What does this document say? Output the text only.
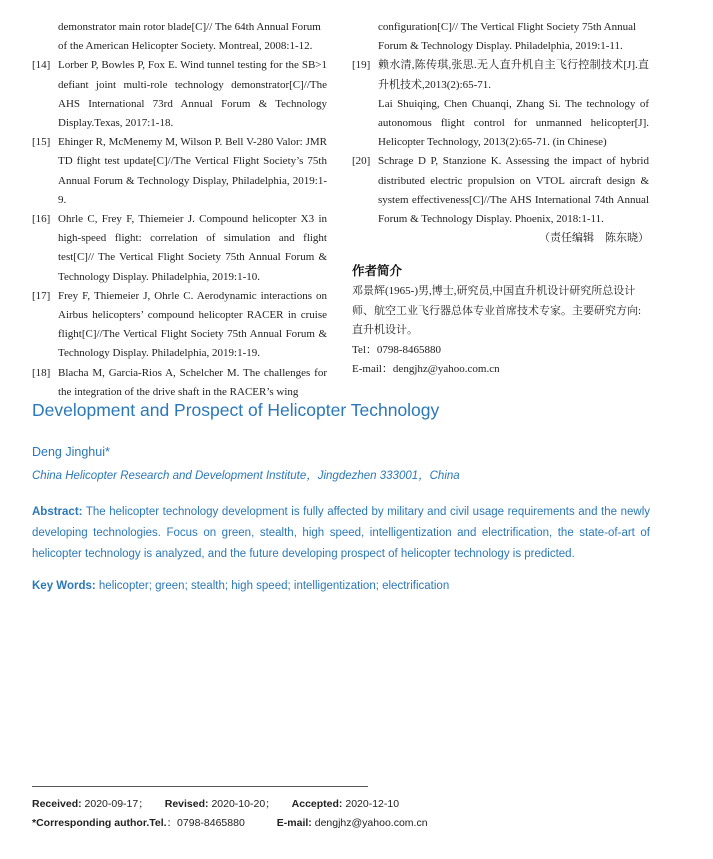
demonstrator main rotor blade[C]// The 64th Annual Forum of the American Helicopter Society. Montreal, 2008:1-12.
[14] Lorber P, Bowles P, Fox E. Wind tunnel testing for the SB>1 defiant joint multi-role technology demonstrator[C]//The AHS International 73rd Annual Forum & Technology Display.Texas, 2017:1-18.
[15] Ehinger R, McMenemy M, Wilson P. Bell V-280 Valor: JMR TD flight test update[C]//The Vertical Flight Society’s 75th Annual Forum & Technology Display, Philadelphia, 2019:1-9.
[16] Ohrle C, Frey F, Thiemeier J. Compound helicopter X3 in high-speed flight: correlation of simulation and flight test[C]// The Vertical Flight Society 75th Annual Forum & Technology Display. Philadelphia, 2019:1-10.
[17] Frey F, Thiemeier J, Ohrle C. Aerodynamic interactions on Airbus helicopters’ compound helicopter RACER in cruise flight[C]//The Vertical Flight Society 75th Annual Forum & Technology Display. Philadelphia, 2019:1-19.
[18] Blacha M, Garcia-Rios A, Schelcher M. The challenges for the integration of the drive shaft in the RACER’s wing
configuration[C]// The Vertical Flight Society 75th Annual Forum & Technology Display. Philadelphia, 2019:1-11.
[19] 赖水清,陈传琪,张思.无人直升机自主飞行控制技术[J].直升机技术,2013(2):65-71.
Lai Shuiqing, Chen Chuanqi, Zhang Si. The technology of autonomous flight control for unmanned helicopter[J]. Helicopter Technology, 2013(2):65-71. (in Chinese)
[20] Schrage D P, Stanzione K. Assessing the impact of hybrid distributed electric propulsion on VTOL aircraft design & system effectiveness[C]//The AHS International 74th Annual Forum & Technology Display. Phoenix, 2018:1-11.
（责任编辑　陈东晓）
作者简介
邓景辉(1965-)男,博士,研究员,中国直升机设计研究所总设计师、航空工业飞行器总体专业首席技术专家。主要研究方向:直升机设计。
Tel：0798-8465880
E-mail：dengjhz@yahoo.com.cn
Development and Prospect of Helicopter Technology
Deng Jinghui*
China Helicopter Research and Development Institute，Jingdezhen 333001，China
Abstract: The helicopter technology development is fully affected by military and civil usage requirements and the newly developing technologies. Focus on green, stealth, high speed, intelligentization and electrification, the state-of-art of helicopter technology is analyzed, and the future developing prospect of helicopter technology is predicted.
Key Words: helicopter; green; stealth; high speed; intelligentization; electrification
Received: 2020-09-17； Revised: 2020-10-20； Accepted: 2020-12-10
*Corresponding author.Tel.：0798-8465880	E-mail: dengjhz@yahoo.com.cn
